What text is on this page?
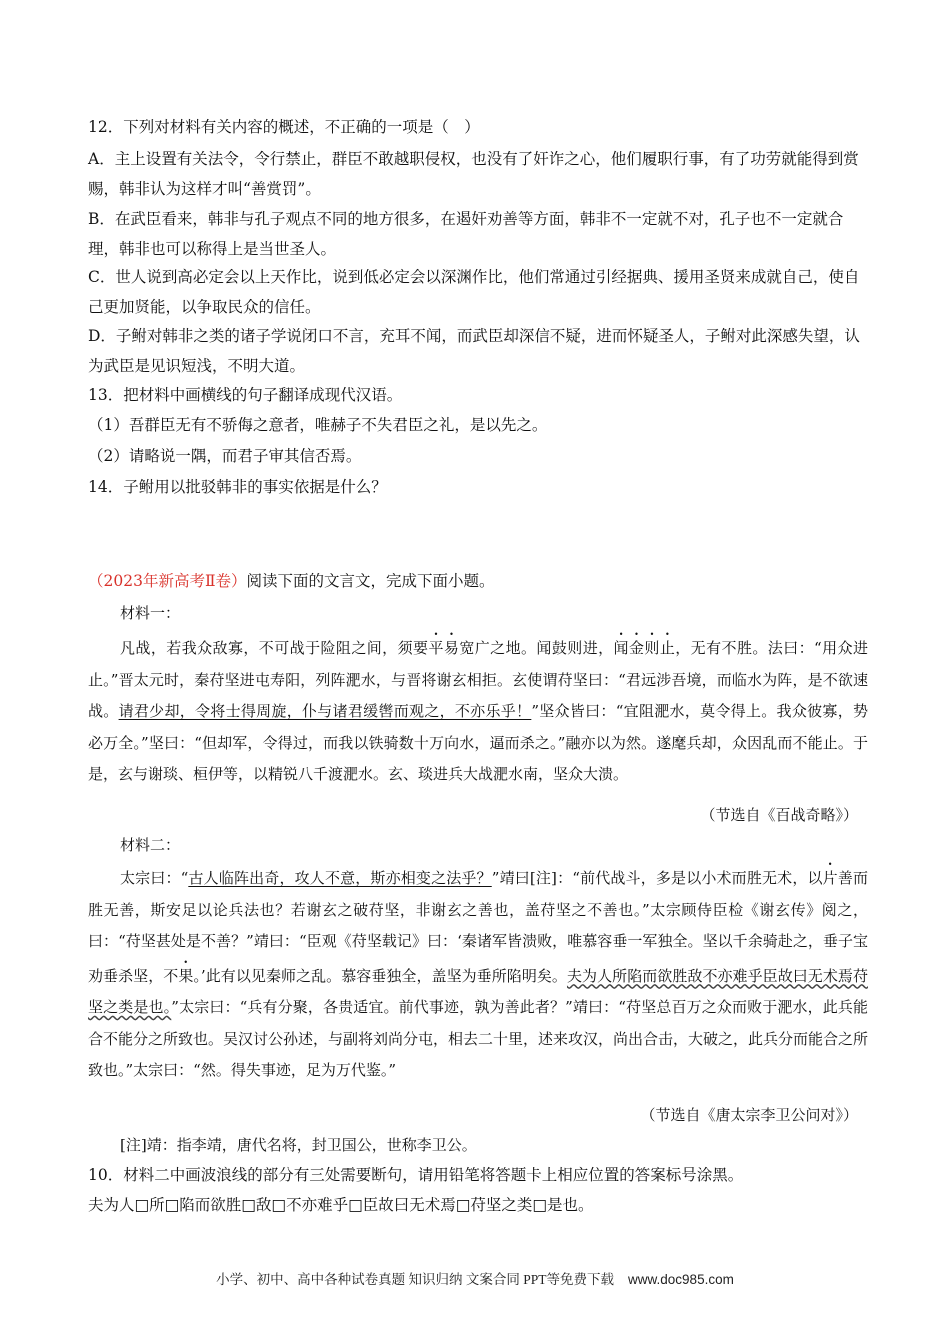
12．下列对材料有关内容的概述，不正确的一项是（　）
A．主上设置有关法令，令行禁止，群臣不敢越职侵权，也没有了奸诈之心，他们履职行事，有了功劳就能得到赏赐，韩非认为这样才叫“善赏罚”。
B．在武臣看来，韩非与孔子观点不同的地方很多，在遏奸劝善等方面，韩非不一定就不对，孔子也不一定就合理，韩非也可以称得上是当世圣人。
C．世人说到高必定会以上天作比，说到低必定会以深渊作比，他们常通过引经据典、援用圣贤来成就自己，使自己更加贤能，以争取民众的信任。
D．子鲋对韩非之类的诸子学说闭口不言，充耳不闻，而武臣却深信不疑，进而怀疑圣人，子鲋对此深感失望，认为武臣是见识短浅，不明大道。
13．把材料中画横线的句子翻译成现代汉语。
（1）吾群臣无有不骄侮之意者，唯赫子不失君臣之礼，是以先之。
（2）请略说一隅，而君子审其信否焉。
14．子鲋用以批驳韩非的事实依据是什么？
（2023年新高考Ⅱ卷）阅读下面的文言文，完成下面小题。
材料一：
凡战，若我众敌寡，不可战于险阻之间，须要平易宽广之地。闻鼓则进，闻金则止，无有不胜。法曰：“用众进止。”晋太元时，秦苻坚进屯寿阳，列阵淝水，与晋将谢玄相拒。玄使谓苻坚曰：“君远涉吾境，而临水为阵，是不欲速战。请君少却，令将士得周旋，仆与诸君缓辔而观之，不亦乐乎！”坚众皆曰：“宜阻淝水，莫令得上。我众彼寡，势必万全。”坚曰：“但却军，令得过，而我以铁骑数十万向水，逼而杀之。”融亦以为然。遂麾兵却，众因乱而不能止。于是，玄与谢琰、桓伊等，以精锐八千渡淝水。玄、琰进兵大战淝水南，坚众大溃。
（节选自《百战奇略》）
材料二：
太宗曰：“古人临阵出奇，攻人不意，斯亦相变之法乎？”靖曰[注]：“前代战斗，多是以小术而胜无术，以片善而胜无善，斯安足以论兵法也？若谢玄之破苻坚，非谢玄之善也，盖苻坚之不善也。”太宗顾侍臣检《谢玄传》阅之，曰：“苻坚甚处是不善？”靖曰：“臣观《苻坚载记》曰：‘秦诸军皆溃败，唯慕容垂一军独全。坚以千余骑赴之，垂子宝劝垂杀坚，不果。’此有以见秦师之乱。慕容垂独全，盖坚为垂所陷明矣。夫为人所陷而欲胜敌不亦难乎臣故曰无术焉苻坚之类是也。”太宗曰：“兵有分聚，各贵适宜。前代事迹，孰为善此者？”靖曰：“苻坚总百万之众而败于淝水，此兵能合不能分之所致也。吴汉讨公孙述，与副将刘尚分屯，相去二十里，述来攻汉，尚出合击，大破之，此兵分而能合之所致也。”太宗曰：“然。得失事迹，足为万代鉴。”
（节选自《唐太宗李卫公问对》）
[注]靖：指李靖，唐代名将，封卫国公，世称李卫公。
10．材料二中画波浪线的部分有三处需要断句，请用铅笔将答题卡上相应位置的答案标号涂黑。
夫为人□所□陷而欲胜□敌□不亦难乎□臣故曰无术焉□苻坚之类□是也。
小学、初中、高中各种试卷真题 知识归纳 文案合同 PPT等免费下载 www.doc985.com
